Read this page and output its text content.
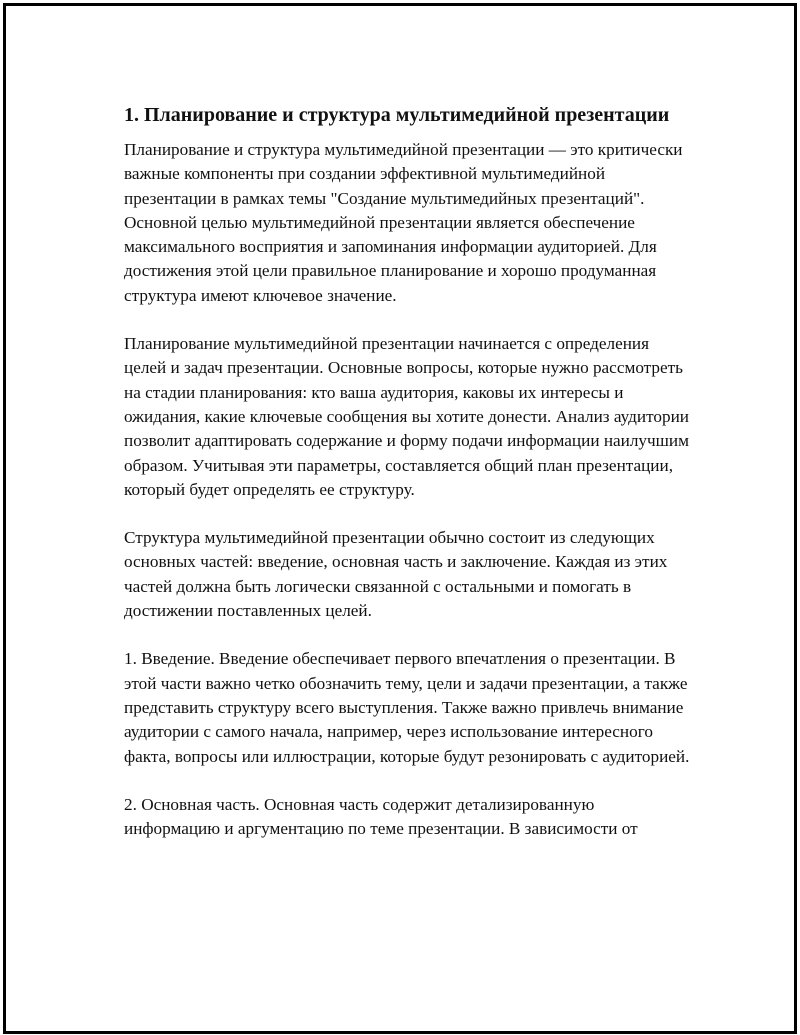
1. Планирование и структура мультимедийной презентации

Планирование и структура мультимедийной презентации — это критически важные компоненты при создании эффективной мультимедийной презентации в рамках темы "Создание мультимедийных презентаций". Основной целью мультимедийной презентации является обеспечение максимального восприятия и запоминания информации аудиторией. Для достижения этой цели правильное планирование и хорошо продуманная структура имеют ключевое значение.

Планирование мультимедийной презентации начинается с определения целей и задач презентации. Основные вопросы, которые нужно рассмотреть на стадии планирования: кто ваша аудитория, каковы их интересы и ожидания, какие ключевые сообщения вы хотите донести. Анализ аудитории позволит адаптировать содержание и форму подачи информации наилучшим образом. Учитывая эти параметры, составляется общий план презентации, который будет определять ее структуру.

Структура мультимедийной презентации обычно состоит из следующих основных частей: введение, основная часть и заключение. Каждая из этих частей должна быть логически связанной с остальными и помогать в достижении поставленных целей.

1. Введение. Введение обеспечивает первого впечатления о презентации. В этой части важно четко обозначить тему, цели и задачи презентации, а также представить структуру всего выступления. Также важно привлечь внимание аудитории с самого начала, например, через использование интересного факта, вопросы или иллюстрации, которые будут резонировать с аудиторией.

2. Основная часть. Основная часть содержит детализированную информацию и аргументацию по теме презентации. В зависимости от
